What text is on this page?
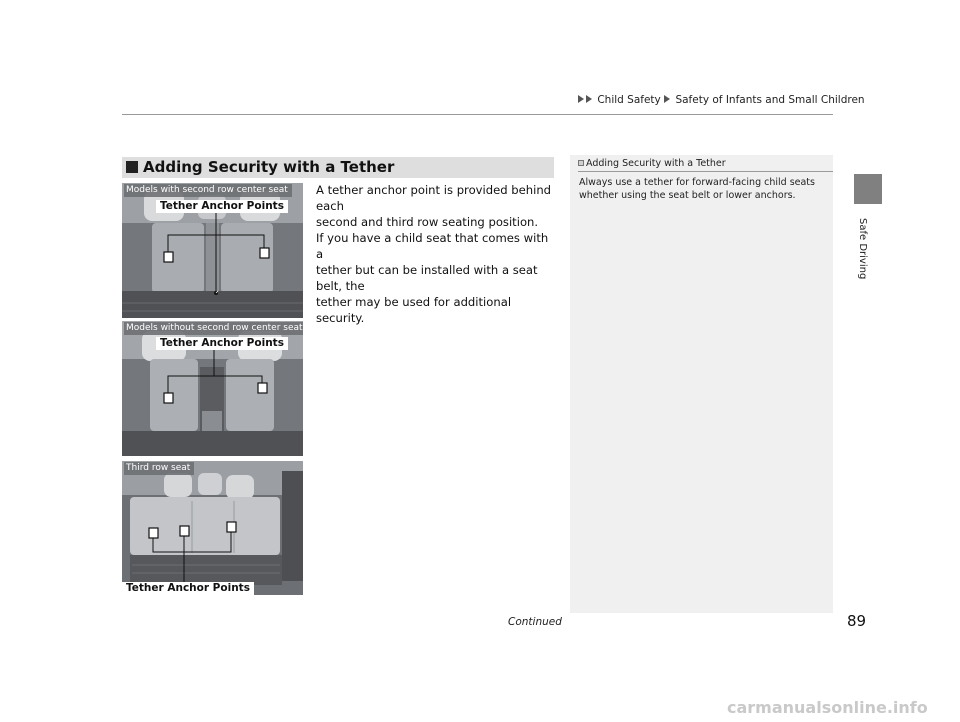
Child Safety Safety of Infants and Small Children
Safe Driving
Adding Security with a Tether

A tether anchor point is provided behind each

second and third row seating position.

If you have a child seat that comes with a

tether but can be installed with a seat belt, the

tether may be used for additional security.

Models with second row center seat
Tether Anchor Points
Models without second row center seat
Tether Anchor Points
Third row seat
Tether Anchor Points
Adding Security with a Tether
Always use a tether for forward-facing child seats whether using the seat belt or lower anchors.
Continued	89
carmanualsonline.info
